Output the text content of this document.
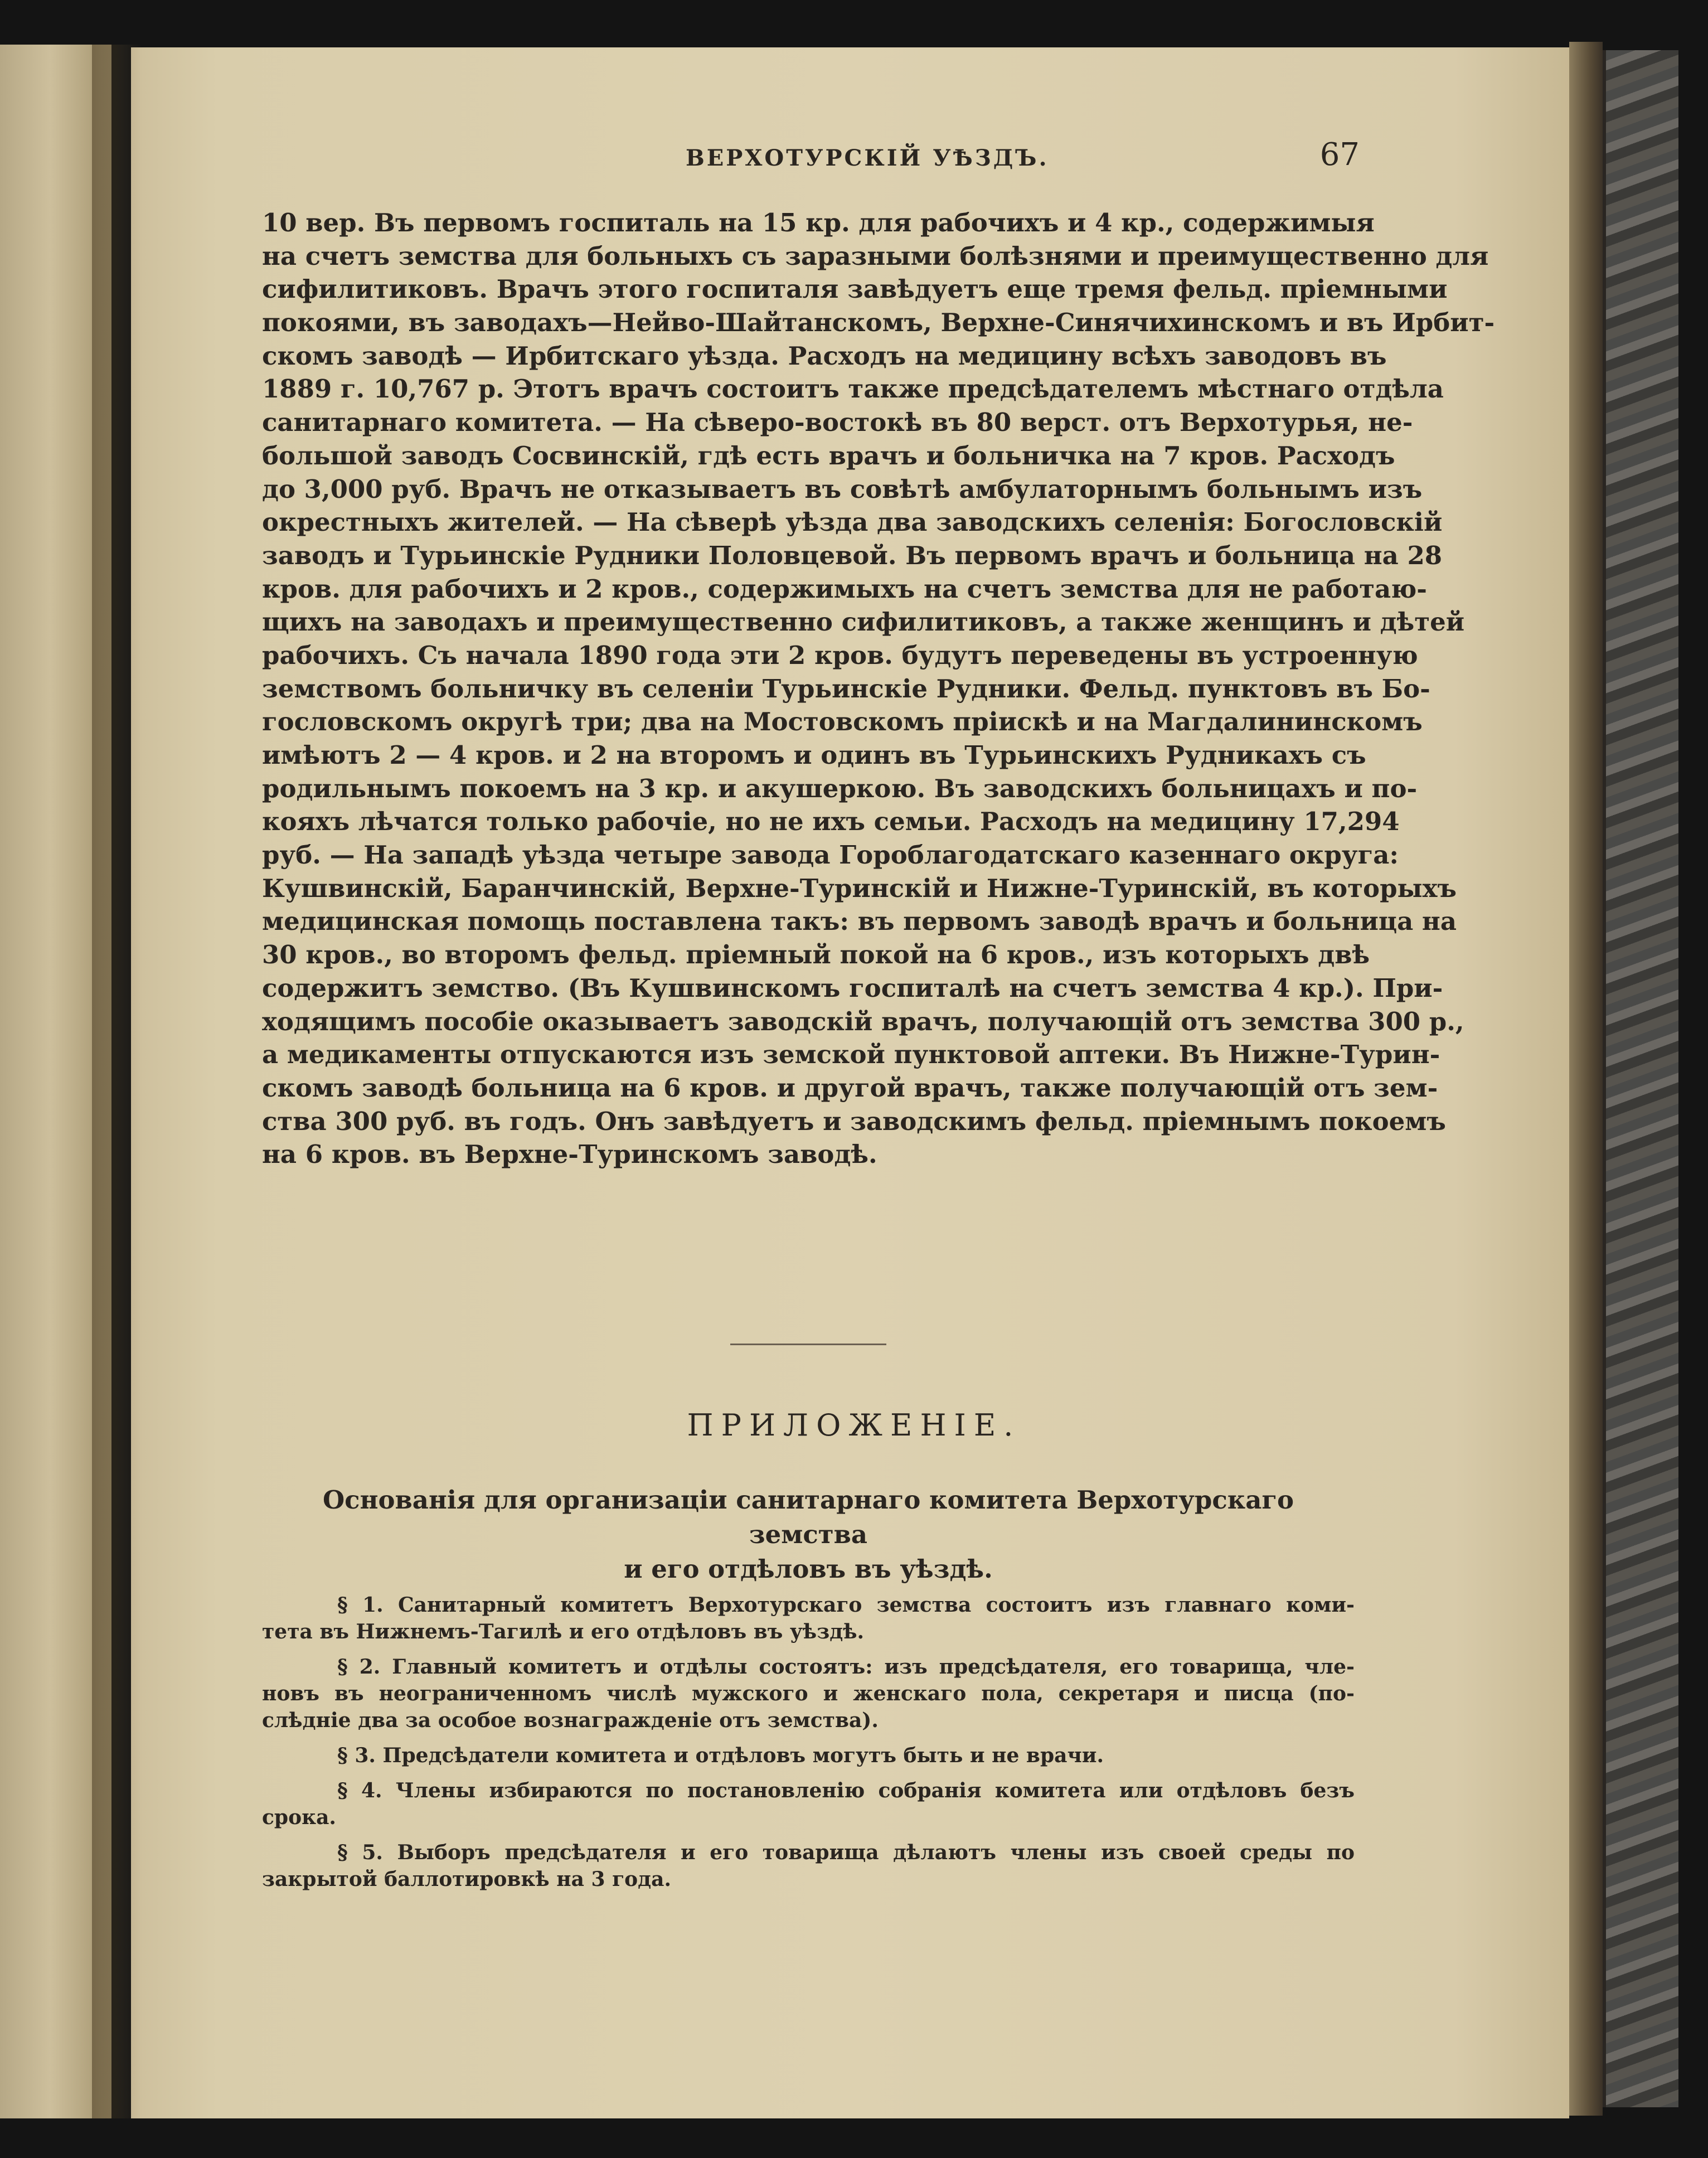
ВЕРХОТУРСКІЙ УѢЗДЪ.	67
10 вер. Въ первомъ госпиталь на 15 кр. для рабочихъ и 4 кр., содержимыя
на счетъ земства для больныхъ съ заразными болѣзнями и преимущественно для
сифилитиковъ. Врачъ этого госпиталя завѣдуетъ еще тремя фельд. пріемными
покоями, въ заводахъ—Нейво-Шайтанскомъ, Верхне-Синячихинскомъ и въ Ирбит-
скомъ заводѣ — Ирбитскаго уѣзда. Расходъ на медицину всѣхъ заводовъ въ
1889 г. 10,767 р. Этотъ врачъ состоитъ также предсѣдателемъ мѣстнаго отдѣла
санитарнаго комитета. — На сѣверо-востокѣ въ 80 верст. отъ Верхотурья, не-
большой заводъ Сосвинскій, гдѣ есть врачъ и больничка на 7 кров. Расходъ
до 3,000 руб. Врачъ не отказываетъ въ совѣтѣ амбулаторнымъ больнымъ изъ
окрестныхъ жителей. — На сѣверѣ уѣзда два заводскихъ селенія: Богословскій
заводъ и Турьинскіе Рудники Половцевой. Въ первомъ врачъ и больница на 28
кров. для рабочихъ и 2 кров., содержимыхъ на счетъ земства для не работаю-
щихъ на заводахъ и преимущественно сифилитиковъ, а также женщинъ и дѣтей
рабочихъ. Съ начала 1890 года эти 2 кров. будутъ переведены въ устроенную
земствомъ больничку въ селеніи Турьинскіе Рудники. Фельд. пунктовъ въ Бо-
гословскомъ округѣ три; два на Мостовскомъ пріискѣ и на Магдалининскомъ
имѣютъ 2 — 4 кров. и 2 на второмъ и одинъ въ Турьинскихъ Рудникахъ съ
родильнымъ покоемъ на 3 кр. и акушеркою. Въ заводскихъ больницахъ и по-
кояхъ лѣчатся только рабочіе, но не ихъ семьи. Расходъ на медицину 17,294
руб. — На западѣ уѣзда четыре завода Гороблагодатскаго казеннаго округа:
Кушвинскій, Баранчинскій, Верхне-Туринскій и Нижне-Туринскій, въ которыхъ
медицинская помощь поставлена такъ: въ первомъ заводѣ врачъ и больница на
30 кров., во второмъ фельд. пріемный покой на 6 кров., изъ которыхъ двѣ
содержитъ земство. (Въ Кушвинскомъ госпиталѣ на счетъ земства 4 кр.). При-
ходящимъ пособіе оказываетъ заводскій врачъ, получающій отъ земства 300 р.,
а медикаменты отпускаются изъ земской пунктовой аптеки. Въ Нижне-Турин-
скомъ заводѣ больница на 6 кров. и другой врачъ, также получающій отъ зем-
ства 300 руб. въ годъ. Онъ завѣдуетъ и заводскимъ фельд. пріемнымъ покоемъ
на 6 кров. въ Верхне-Туринскомъ заводѣ.
ПРИЛОЖЕНІЕ.
Основанія для организаціи санитарнаго комитета Верхотурскаго земства
и его отдѣловъ въ уѣздѣ.
§ 1. Санитарный комитетъ Верхотурскаго земства состоитъ изъ главнаго коми-
тета въ Нижнемъ-Тагилѣ и его отдѣловъ въ уѣздѣ.
§ 2. Главный комитетъ и отдѣлы состоятъ: изъ предсѣдателя, его товарища, чле-
новъ въ неограниченномъ числѣ мужского и женскаго пола, секретаря и писца (по-
слѣдніе два за особое вознагражденіе отъ земства).
§ 3. Предсѣдатели комитета и отдѣловъ могутъ быть и не врачи.
§ 4. Члены избираются по постановленію собранія комитета или отдѣловъ безъ
срока.
§ 5. Выборъ предсѣдателя и его товарища дѣлаютъ члены изъ своей среды по
закрытой баллотировкѣ на 3 года.
